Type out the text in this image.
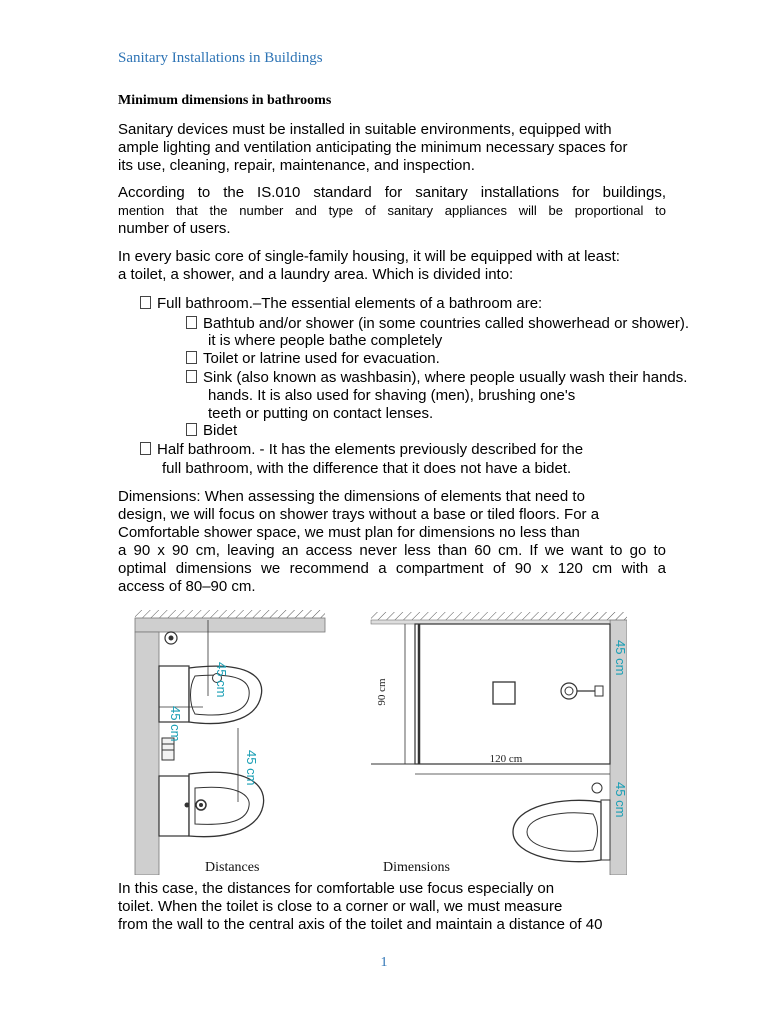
Sanitary Installations in Buildings
Minimum dimensions in bathrooms
Sanitary devices must be installed in suitable environments, equipped with
ample lighting and ventilation anticipating the minimum necessary spaces for
its use, cleaning, repair, maintenance, and inspection.
According to the IS.010 standard for sanitary installations for buildings,
mention that the number and type of sanitary appliances will be proportional to
number of users.
In every basic core of single-family housing, it will be equipped with at least:
a toilet, a shower, and a laundry area. Which is divided into:
Full bathroom.–The essential elements of a bathroom are:
Bathtub and/or shower (in some countries called showerhead or shower).
it is where people bathe completely
Toilet or latrine used for evacuation.
Sink (also known as washbasin), where people usually wash their hands.
hands. It is also used for shaving (men), brushing one's
teeth or putting on contact lenses.
Bidet
Half bathroom. - It has the elements previously described for the
full bathroom, with the difference that it does not have a bidet.
Dimensions: When assessing the dimensions of elements that need to
design, we will focus on shower trays without a base or tiled floors. For a
Comfortable shower space, we must plan for dimensions no less than
a 90 x 90 cm, leaving an access never less than 60 cm. If we want to go to
optimal dimensions we recommend a compartment of 90 x 120 cm with a
access of 80–90 cm.
45 cm
45 cm
45 cm
Distances
90 cm
120 cm
45 cm
45 cm
Dimensions
In this case, the distances for comfortable use focus especially on
toilet. When the toilet is close to a corner or wall, we must measure
from the wall to the central axis of the toilet and maintain a distance of 40
1
